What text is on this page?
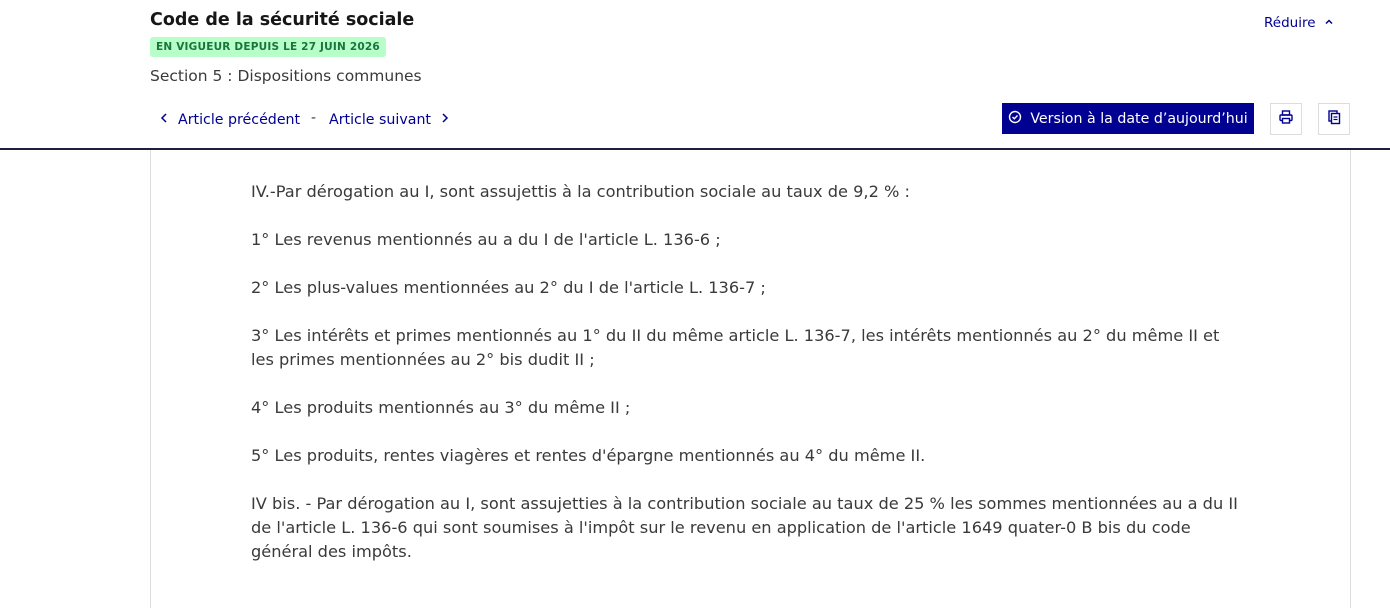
IV.-Par dérogation au I, sont assujettis à la contribution sociale au taux de 9,2 % :

1° Les revenus mentionnés au a du I de l'article L. 136-6 ;

2° Les plus-values mentionnées au 2° du I de l'article L. 136-7 ;

3° Les intérêts et primes mentionnés au 1° du II du même article L. 136-7, les intérêts mentionnés au 2° du même II et les primes mentionnées au 2° bis dudit II ;

4° Les produits mentionnés au 3° du même II ;

5° Les produits, rentes viagères et rentes d'épargne mentionnés au 4° du même II.

IV bis. - Par dérogation au I, sont assujetties à la contribution sociale au taux de 25 % les sommes mentionnées au a du II de l'article L. 136-6 qui sont soumises à l'impôt sur le revenu en application de l'article 1649 quater-0 B bis du code général des impôts.

Code de la sécurité sociale
EN VIGUEUR DEPUIS LE 27 JUIN 2026
Section 5 : Dispositions communes
Réduire
Article précédent - Article suivant	Version à la date d’aujourd’hui
